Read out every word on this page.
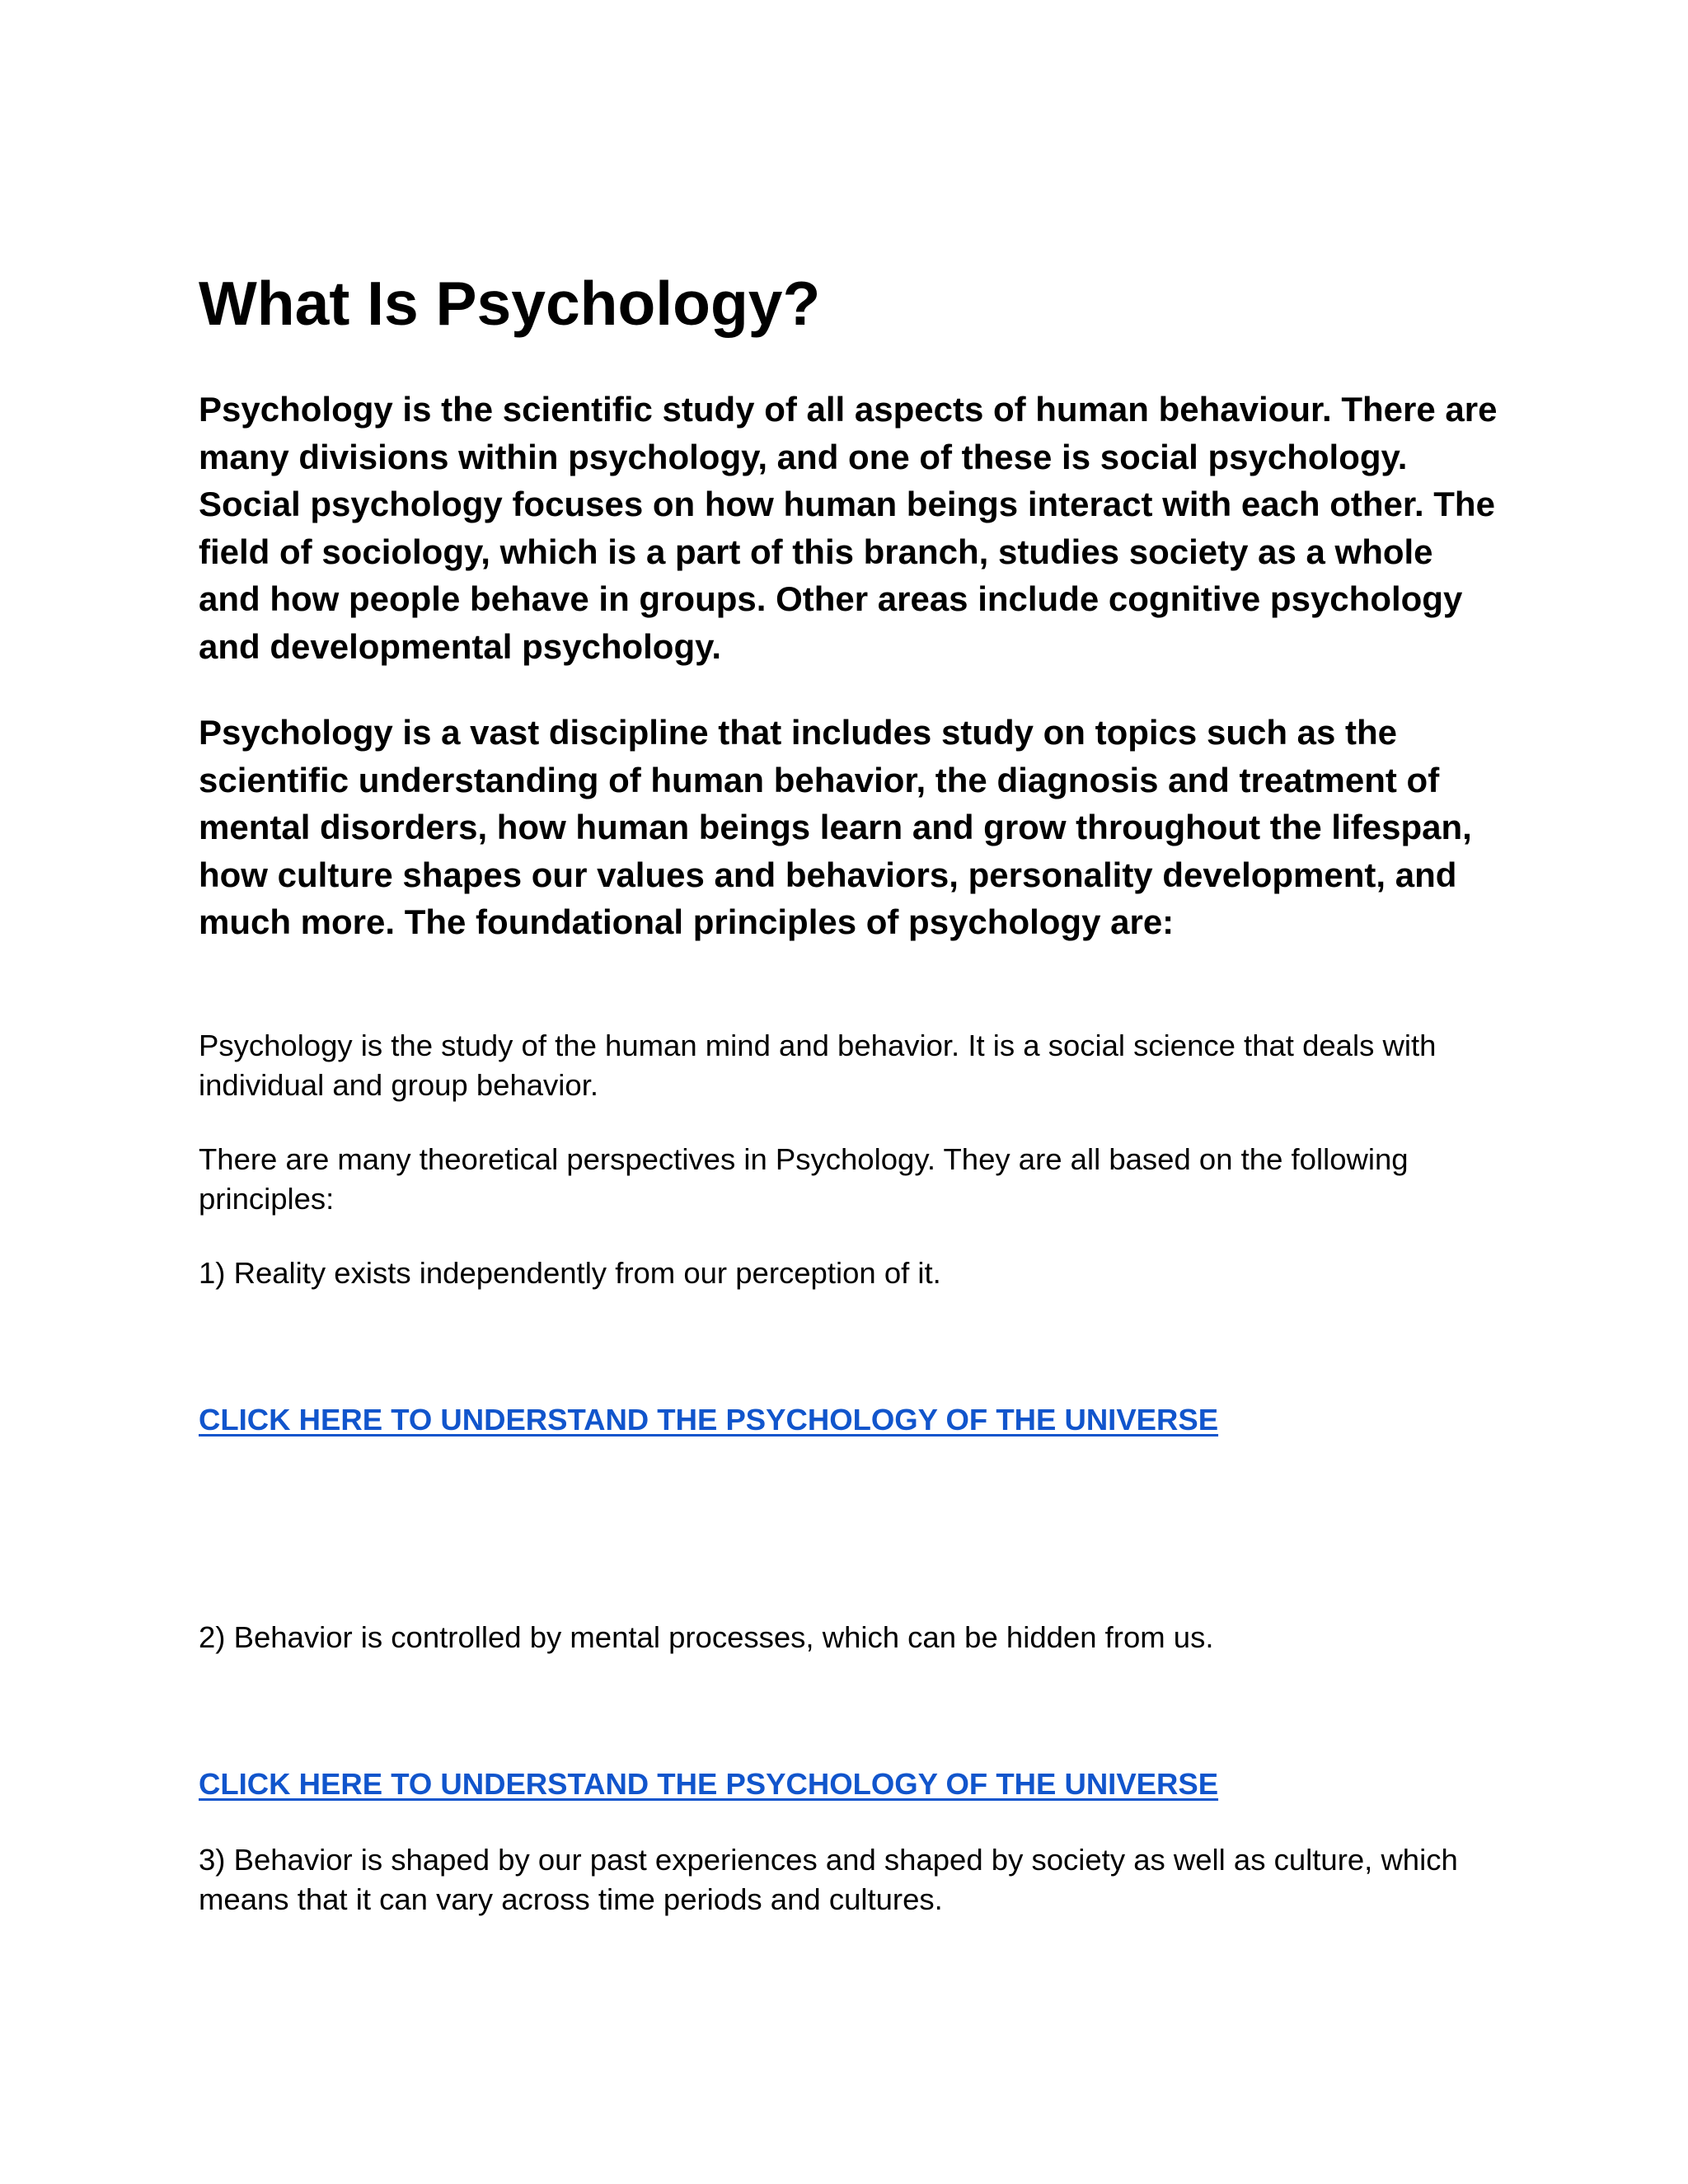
What Is Psychology?

Psychology is the scientific study of all aspects of human behaviour. There are many divisions within psychology, and one of these is social psychology. Social psychology focuses on how human beings interact with each other. The field of sociology, which is a part of this branch, studies society as a whole and how people behave in groups. Other areas include cognitive psychology and developmental psychology.

Psychology is a vast discipline that includes study on topics such as the scientific understanding of human behavior, the diagnosis and treatment of mental disorders, how human beings learn and grow throughout the lifespan, how culture shapes our values and behaviors, personality development, and much more. The foundational principles of psychology are:

Psychology is the study of the human mind and behavior. It is a social science that deals with individual and group behavior.

There are many theoretical perspectives in Psychology. They are all based on the following principles:

1) Reality exists independently from our perception of it.

CLICK HERE TO UNDERSTAND THE PSYCHOLOGY OF THE UNIVERSE

2) Behavior is controlled by mental processes, which can be hidden from us.

CLICK HERE TO UNDERSTAND THE PSYCHOLOGY OF THE UNIVERSE

3) Behavior is shaped by our past experiences and shaped by society as well as culture, which means that it can vary across time periods and cultures.
